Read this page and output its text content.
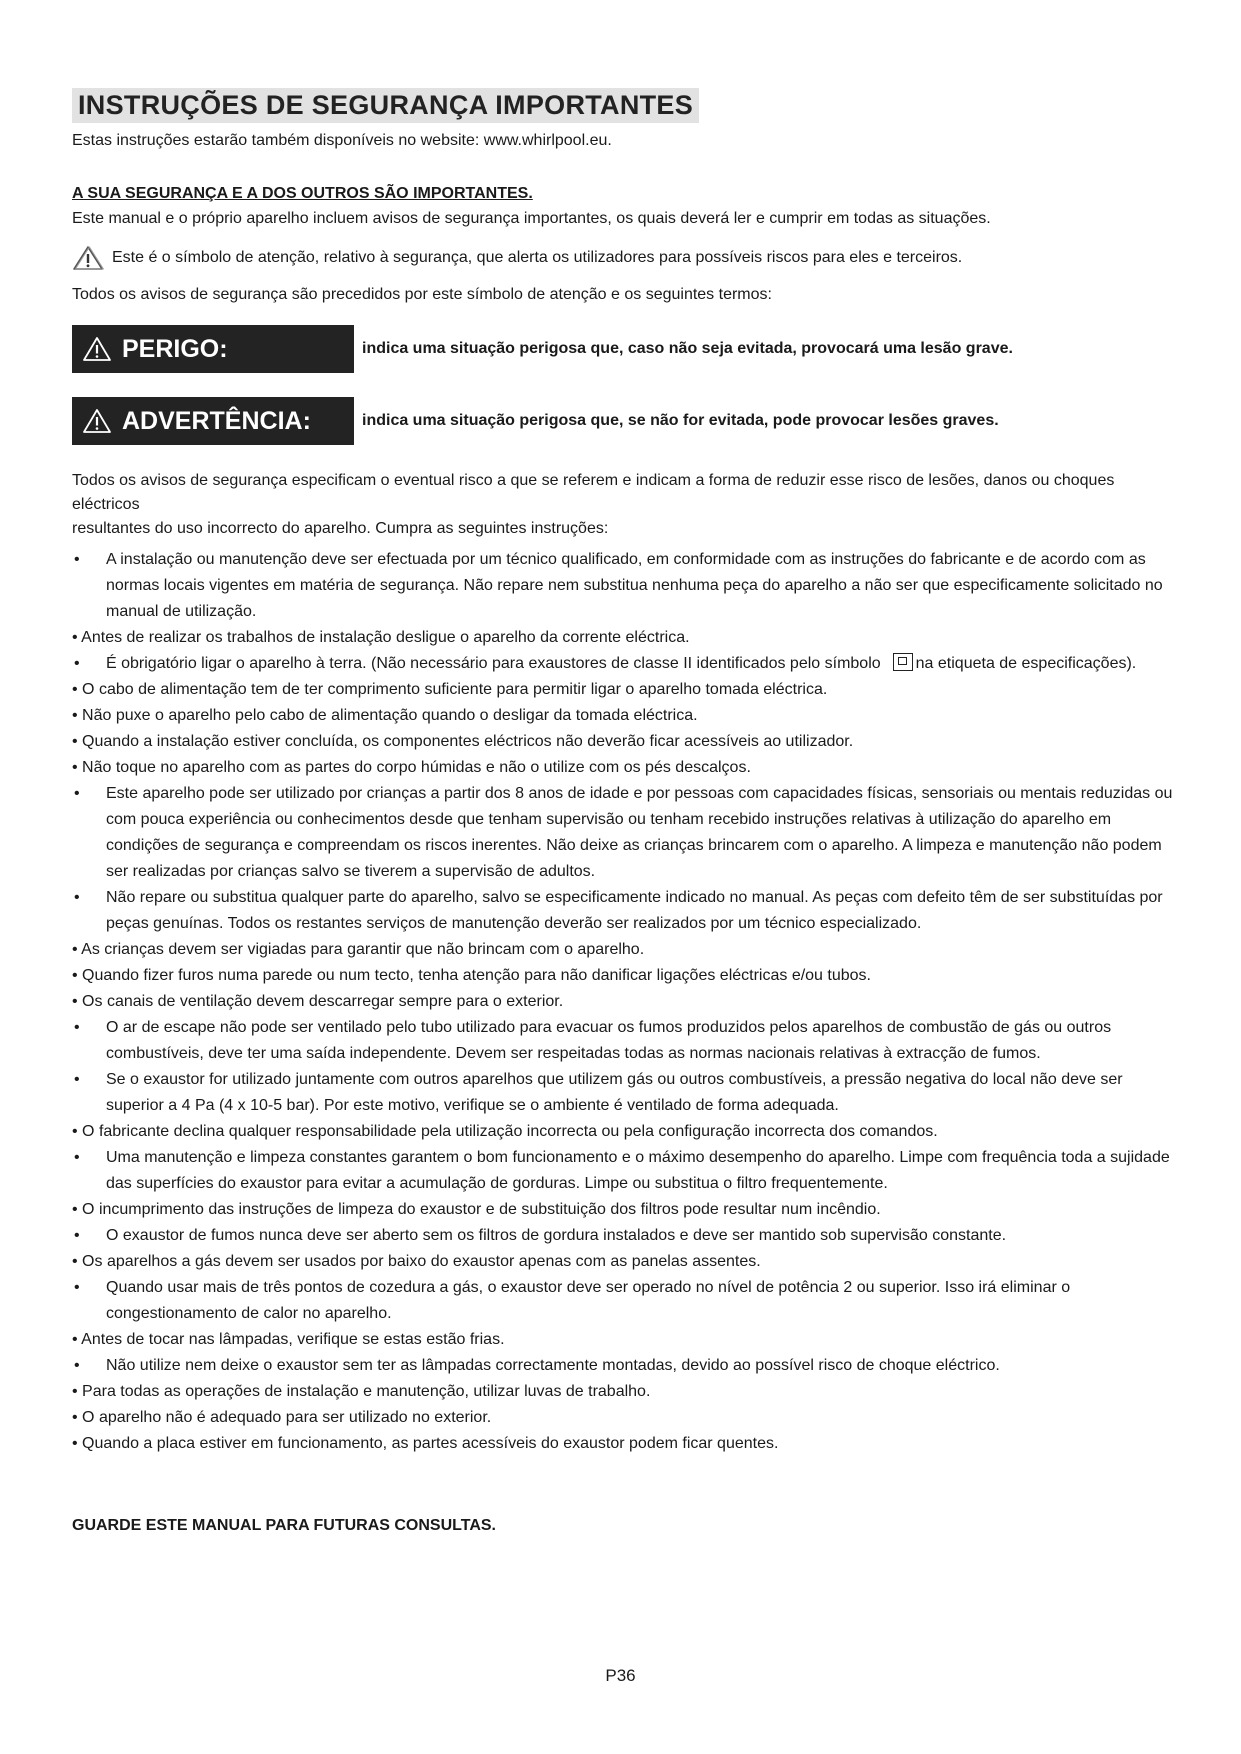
INSTRUÇÕES DE SEGURANÇA IMPORTANTES
Estas instruções estarão também disponíveis no website: www.whirlpool.eu.
A SUA SEGURANÇA E A DOS OUTROS SÃO IMPORTANTES.
Este manual e o próprio aparelho incluem avisos de segurança importantes, os quais deverá ler e cumprir em todas as situações.
Este é o símbolo de atenção, relativo à segurança, que alerta os utilizadores para possíveis riscos para eles e terceiros.
Todos os avisos de segurança são precedidos por este símbolo de atenção e os seguintes termos:
PERIGO:	indica uma situação perigosa que, caso não seja evitada, provocará uma lesão grave.
ADVERTÊNCIA:	indica uma situação perigosa que, se não for evitada, pode provocar lesões graves.
Todos os avisos de segurança especificam o eventual risco a que se referem e indicam a forma de reduzir esse risco de lesões, danos ou choques eléctricos
resultantes do uso incorrecto do aparelho. Cumpra as seguintes instruções:
• A instalação ou manutenção deve ser efectuada por um técnico qualificado, em conformidade com as instruções do fabricante e de acordo com as normas locais vigentes em matéria de segurança. Não repare nem substitua nenhuma peça do aparelho a não ser que especificamente solicitado no manual de utilização.
• Antes de realizar os trabalhos de instalação desligue o aparelho da corrente eléctrica.
• É obrigatório ligar o aparelho à terra. (Não necessário para exaustores de classe II identificados pelo símbolo na etiqueta de especificações).
• O cabo de alimentação tem de ter comprimento suficiente para permitir ligar o aparelho tomada eléctrica.
• Não puxe o aparelho pelo cabo de alimentação quando o desligar da tomada eléctrica.
• Quando a instalação estiver concluída, os componentes eléctricos não deverão ficar acessíveis ao utilizador.
• Não toque no aparelho com as partes do corpo húmidas e não o utilize com os pés descalços.
• Este aparelho pode ser utilizado por crianças a partir dos 8 anos de idade e por pessoas com capacidades físicas, sensoriais ou mentais reduzidas ou com pouca experiência ou conhecimentos desde que tenham supervisão ou tenham recebido instruções relativas à utilização do aparelho em condições de segurança e compreendam os riscos inerentes. Não deixe as crianças brincarem com o aparelho. A limpeza e manutenção não podem ser realizadas por crianças salvo se tiverem a supervisão de adultos.
• Não repare ou substitua qualquer parte do aparelho, salvo se especificamente indicado no manual. As peças com defeito têm de ser substituídas por peças genuínas. Todos os restantes serviços de manutenção deverão ser realizados por um técnico especializado.
• As crianças devem ser vigiadas para garantir que não brincam com o aparelho.
• Quando fizer furos numa parede ou num tecto, tenha atenção para não danificar ligações eléctricas e/ou tubos.
• Os canais de ventilação devem descarregar sempre para o exterior.
• O ar de escape não pode ser ventilado pelo tubo utilizado para evacuar os fumos produzidos pelos aparelhos de combustão de gás ou outros combustíveis, deve ter uma saída independente. Devem ser respeitadas todas as normas nacionais relativas à extracção de fumos.
• Se o exaustor for utilizado juntamente com outros aparelhos que utilizem gás ou outros combustíveis, a pressão negativa do local não deve ser superior a 4 Pa (4 x 10-5 bar). Por este motivo, verifique se o ambiente é ventilado de forma adequada.
• O fabricante declina qualquer responsabilidade pela utilização incorrecta ou pela configuração incorrecta dos comandos.
• Uma manutenção e limpeza constantes garantem o bom funcionamento e o máximo desempenho do aparelho. Limpe com frequência toda a sujidade das superfícies do exaustor para evitar a acumulação de gorduras. Limpe ou substitua o filtro frequentemente.
• O incumprimento das instruções de limpeza do exaustor e de substituição dos filtros pode resultar num incêndio.
• O exaustor de fumos nunca deve ser aberto sem os filtros de gordura instalados e deve ser mantido sob supervisão constante.
• Os aparelhos a gás devem ser usados por baixo do exaustor apenas com as panelas assentes.
• Quando usar mais de três pontos de cozedura a gás, o exaustor deve ser operado no nível de potência 2 ou superior. Isso irá eliminar o congestionamento de calor no aparelho.
• Antes de tocar nas lâmpadas, verifique se estas estão frias.
• Não utilize nem deixe o exaustor sem ter as lâmpadas correctamente montadas, devido ao possível risco de choque eléctrico.
• Para todas as operações de instalação e manutenção, utilizar luvas de trabalho.
• O aparelho não é adequado para ser utilizado no exterior.
• Quando a placa estiver em funcionamento, as partes acessíveis do exaustor podem ficar quentes.
GUARDE ESTE MANUAL PARA FUTURAS CONSULTAS.
P36
